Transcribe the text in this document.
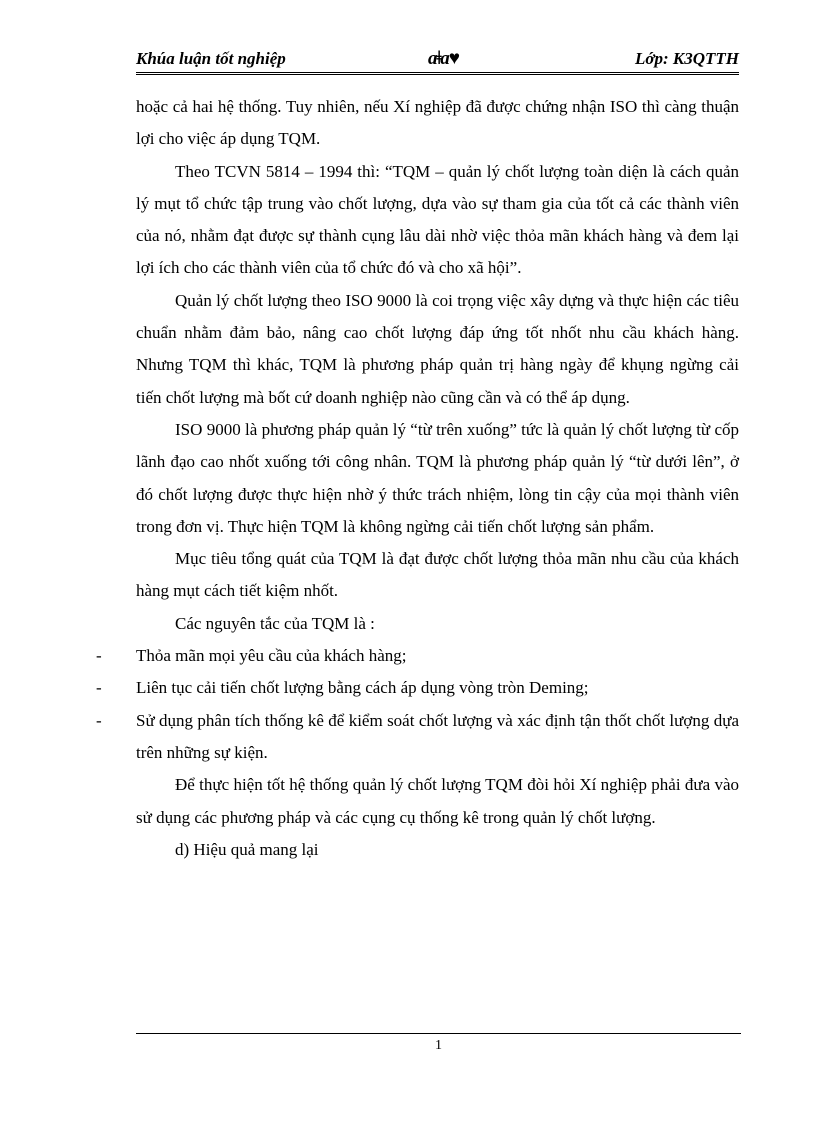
Khúa luận tốt nghiệp	ɑǂɑ♥	Lớp: K3QTTH

hoặc cả hai hệ thống. Tuy nhiên, nếu Xí nghiệp đã được chứng nhận ISO thì càng thuận lợi cho việc áp dụng TQM.

Theo TCVN 5814 – 1994 thì: “TQM – quản lý chốt lượng toàn diện là cách quản lý mụt tổ chức tập trung vào chốt lượng, dựa vào sự tham gia của tốt cả các thành viên của nó, nhằm đạt được sự thành cụng lâu dài nhờ việc thỏa mãn khách hàng và đem lại lợi ích cho các thành viên của tổ chức đó và cho xã hội”.

Quản lý chốt lượng theo ISO 9000 là coi trọng việc xây dựng và thực hiện các tiêu chuẩn nhằm đảm bảo, nâng cao chốt lượng đáp ứng tốt nhốt nhu cầu khách hàng. Nhưng TQM thì khác, TQM là phương pháp quản trị hàng ngày để khụng ngừng cải tiến chốt lượng mà bốt cứ doanh nghiệp nào cũng cần và có thể áp dụng.

ISO 9000 là phương pháp quản lý “từ trên xuống” tức là quản lý chốt lượng từ cốp lãnh đạo cao nhốt xuống tới công nhân. TQM là phương pháp quản lý “từ dưới lên”, ở đó chốt lượng được thực hiện nhờ ý thức trách nhiệm, lòng tin cậy của mọi thành viên trong đơn vị. Thực hiện TQM là không ngừng cải tiến chốt lượng sản phẩm.

Mục tiêu tổng quát của TQM là đạt được chốt lượng thỏa mãn nhu cầu của khách hàng mụt cách tiết kiệm nhốt.

Các nguyên tắc của TQM là :

- Thỏa mãn mọi yêu cầu của khách hàng;
- Liên tục cải tiến chốt lượng bằng cách áp dụng vòng tròn Deming;
- Sử dụng phân tích thống kê để kiểm soát chốt lượng và xác định tận thốt chốt lượng dựa trên những sự kiện.

Để thực hiện tốt hệ thống quản lý chốt lượng TQM đòi hỏi Xí nghiệp phải đưa vào sử dụng các phương pháp và các cụng cụ thống kê trong quản lý chốt lượng.

d) Hiệu quả mang lại

1
